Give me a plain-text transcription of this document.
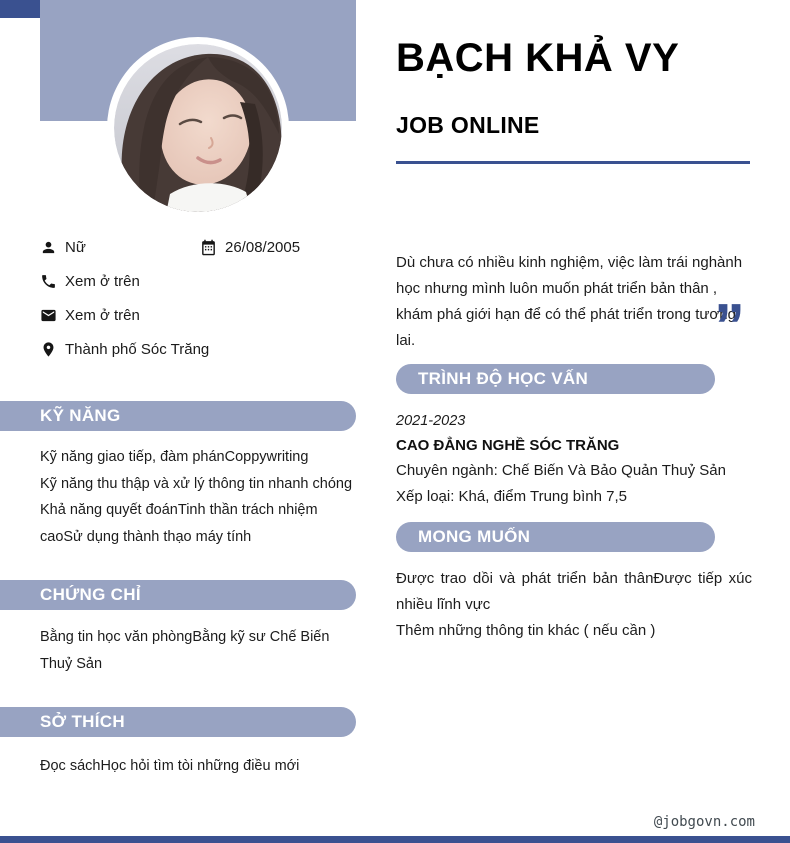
BẠCH KHẢ VY
JOB ONLINE
Nữ	26/08/2005
Xem ở trên
Xem ở trên
Thành phố Sóc Trăng
KỸ NĂNG

Kỹ năng giao tiếp, đàm phánCoppywriting

Kỹ năng thu thập và xử lý thông tin nhanh chóng

Khả năng quyết đoánTinh thần trách nhiệm caoSử dụng thành thạo máy tính

CHỨNG CHỈ

Bằng tin học văn phòngBằng kỹ sư Chế Biến Thuỷ Sản

SỞ THÍCH

Đọc sáchHọc hỏi tìm tòi những điều mới

Dù chưa có nhiều kinh nghiệm, việc làm trái nghành học nhưng mình luôn muốn phát triển bản thân , khám phá giới hạn để có thể phát triển trong tương lai.	”
TRÌNH ĐỘ HỌC VẤN

2021-2023

CAO ĐẲNG NGHỀ SÓC TRĂNG

Chuyên ngành: Chế Biến Và Bảo Quản Thuỷ Sản

Xếp loại: Khá, điểm Trung bình 7,5

MONG MUỐN

Được trao dồi và phát triển bản thânĐược tiếp xúc nhiều lĩnh vực

Thêm những thông tin khác ( nếu cần )

@jobgovn.com
